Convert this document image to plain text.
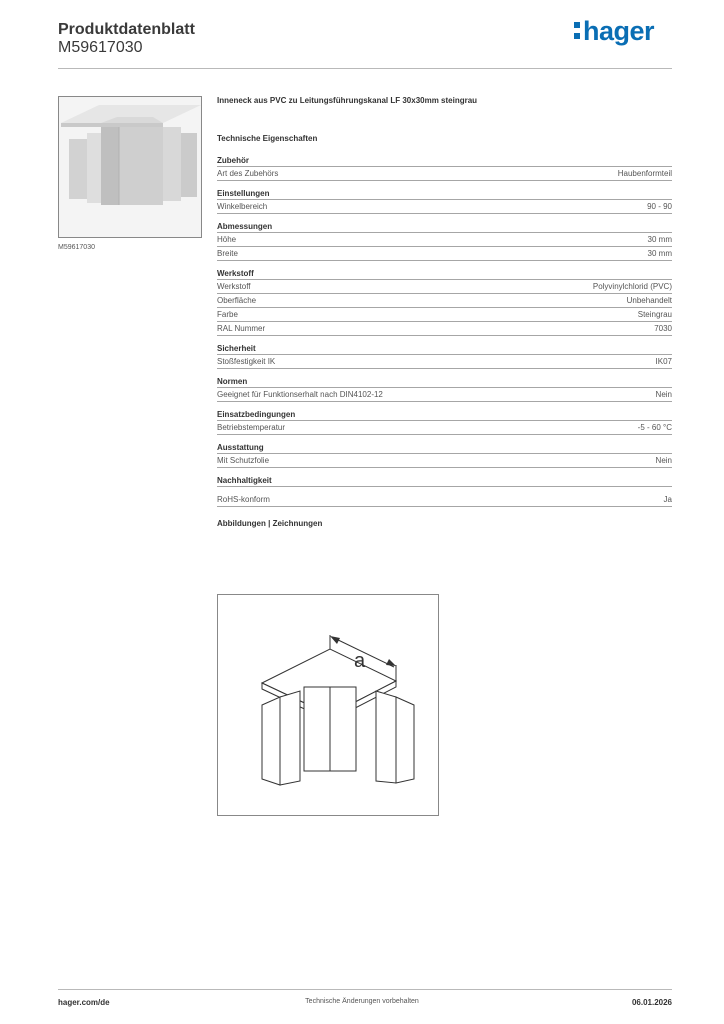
Produktdatenblatt
M59617030
hager
M59617030
Inneneck aus PVC zu Leitungsführungskanal LF 30x30mm steingrau
Technische Eigenschaften
Zubehör
Art des Zubehörs	Haubenformteil
Einstellungen
Winkelbereich	90 - 90
Abmessungen
Höhe	30 mm
Breite	30 mm
Werkstoff
Werkstoff	Polyvinylchlorid (PVC)
Oberfläche	Unbehandelt
Farbe	Steingrau
RAL Nummer	7030
Sicherheit
Stoßfestigkeit IK	IK07
Normen
Geeignet für Funktionserhalt nach DIN4102-12	Nein
Einsatzbedingungen
Betriebstemperatur	-5 - 60 °C
Ausstattung
Mit Schutzfolie	Nein
Nachhaltigkeit
RoHS-konform	Ja
Abbildungen | Zeichnungen
a
hager.com/de	Technische Änderungen vorbehalten	06.01.2026
